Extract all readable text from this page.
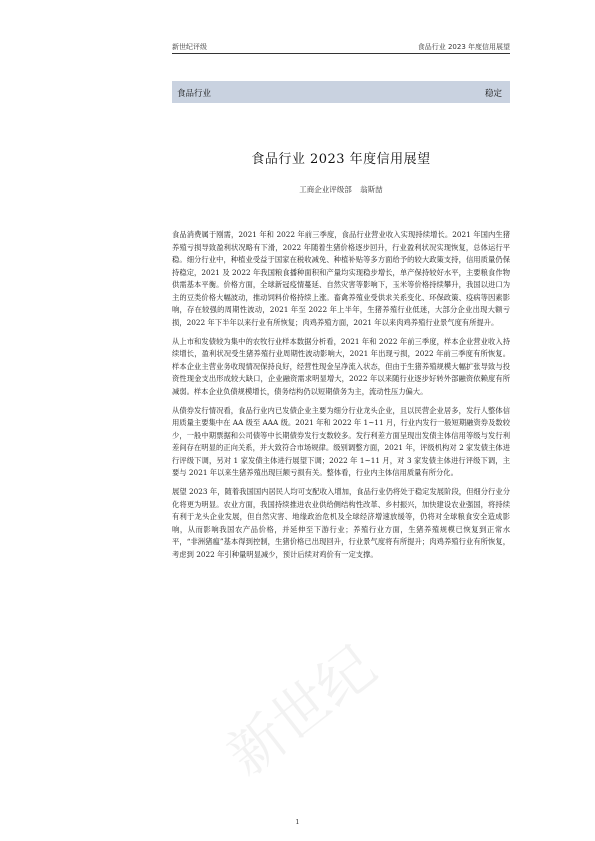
新世纪评级	食品行业 2023 年度信用展望
食品行业	稳定
食品行业 2023 年度信用展望
工商企业评级部 翁斯喆

食品消费属于刚需，2021 年和 2022 年前三季度，食品行业营业收入实现持续增长。2021 年国内生猪养殖亏损导致盈利状况略有下滑，2022 年随着生猪价格逐步回升，行业盈利状况实现恢复，总体运行平稳。细分行业中，种植业受益于国家在税收减免、种植补贴等多方面给予的较大政策支持，信用质量仍保持稳定，2021 及 2022 年我国粮食播种面积和产量均实现稳步增长，单产保持较好水平，主要粮食作物供需基本平衡。价格方面，全球新冠疫情蔓延、自然灾害等影响下，玉米等价格持续攀升，我国以进口为主的豆类价格大幅波动，推动饲料价格持续上涨。畜禽养殖业受供求关系变化、环保政策、疫病等因素影响，存在较强的周期性波动，2021 年至 2022 年上半年，生猪养殖行业低迷，大部分企业出现大额亏损，2022 年下半年以来行业有所恢复；肉鸡养殖方面，2021 年以来肉鸡养殖行业景气度有所提升。

从上市和发债较为集中的农牧行业样本数据分析看，2021 年和 2022 年前三季度，样本企业营业收入持续增长，盈利状况受生猪养殖行业周期性波动影响大，2021 年出现亏损，2022 年前三季度有所恢复。样本企业主营业务收现情况保持良好，经营性现金呈净流入状态，但由于生猪养殖规模大幅扩张导致与投资性现金支出形成较大缺口，企业融资需求明显增大，2022 年以来随行业逐步好转外部融资依赖度有所减弱。样本企业负债规模增长，债务结构仍以短期债务为主，流动性压力偏大。

从债券发行情况看，食品行业内已发债企业主要为细分行业龙头企业，且以民营企业居多，发行人整体信用质量主要集中在 AA 级至 AAA 级。2021 年和 2022 年 1~11 月，行业内发行一般短期融资券及数较少，一般中期票据和公司债等中长期债券发行支数较多。发行利差方面呈现出发债主体信用等级与发行利差间存在明显的正向关系，并大致符合市场规律。级别调整方面，2021 年，评级机构对 2 家发债主体进行评级下调，另对 1 家发债主体进行展望下调；2022 年 1~11 月，对 3 家发债主体进行评级下调，主要与 2021 年以来生猪养殖出现巨额亏损有关。整体看，行业内主体信用质量有所分化。

展望 2023 年，随着我国国内居民人均可支配收入增加，食品行业仍将处于稳定发展阶段，但细分行业分化将更为明显。农业方面，我国持续推进农业供给侧结构性改革、乡村振兴，加快建设农业强国，将持续有利于龙头企业发展，但自然灾害、地缘政治危机及全球经济增速放缓等，仍将对全球粮食安全造成影响，从而影响我国农产品价格，并延伸至下游行业；养殖行业方面，生猪养殖规模已恢复到正常水平，“非洲猪瘟”基本得到控制，生猪价格已出现回升，行业景气度将有所提升；肉鸡养殖行业有所恢复，考虑到 2022 年引种量明显减少，预计后续对鸡价有一定支撑。

新世纪
1
